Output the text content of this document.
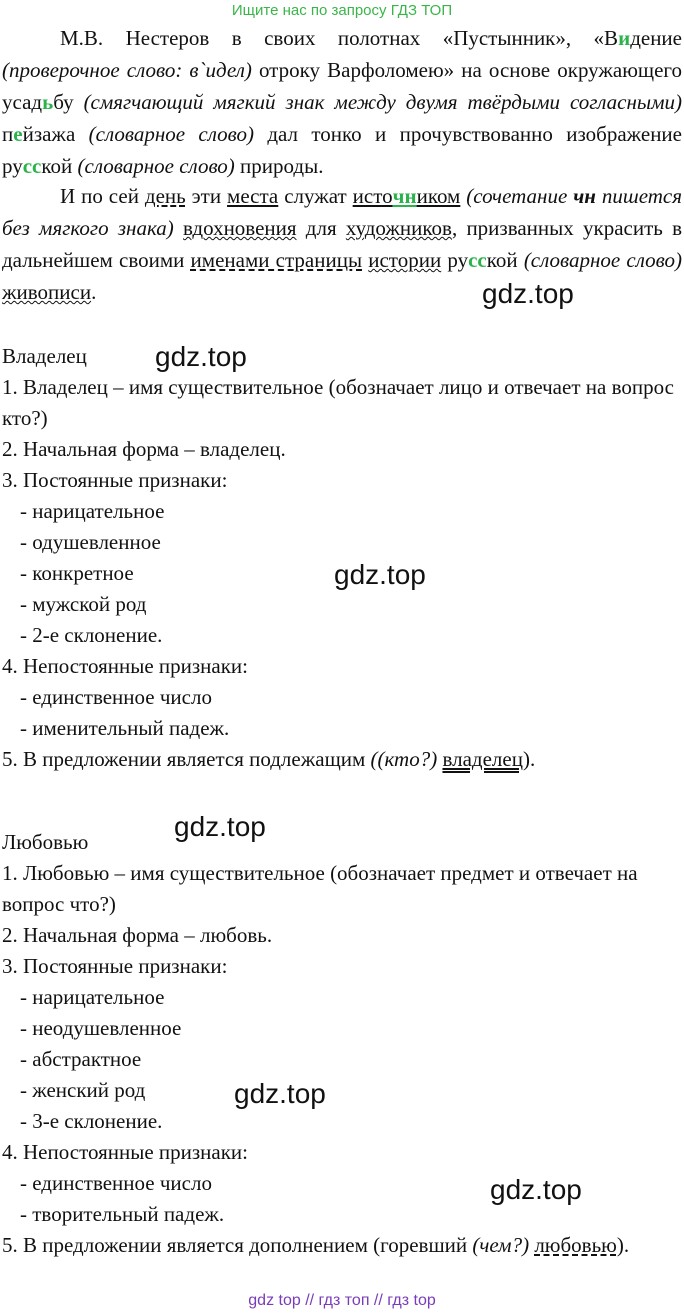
Ищите нас по запросу ГДЗ ТОП

М.В. Нестеров в своих полотнах «Пустынник», «Видение (проверочное слово: в`идел) отроку Варфоломею» на основе окружающего усадьбу (смягчающий мягкий знак между двумя твёрдыми согласными) пейзажа (словарное слово) дал тонко и прочувствованно изображение русской (словарное слово) природы.

И по сей день эти места служат источником (сочетание чн пишется без мягкого знака) вдохновения для художников, призванных украсить в дальнейшем своими именами страницы истории русской (словарное слово) живописи.	gdz.top
gdz.top
gdz.top
gdz.top
gdz.top
gdz.top
Владелец
1. Владелец – имя существительное (обозначает лицо и отвечает на вопрос кто?)
2. Начальная форма – владелец.
3. Постоянные признаки:
- нарицательное
- одушевленное
- конкретное
- мужской род
- 2-е склонение.
4. Непостоянные признаки:
- единственное число
- именительный падеж.
5. В предложении является подлежащим ((кто?) владелец).
Любовью
1. Любовью – имя существительное (обозначает предмет и отвечает на вопрос что?)
2. Начальная форма – любовь.
3. Постоянные признаки:
- нарицательное
- неодушевленное
- абстрактное
- женский род
- 3-е склонение.
4. Непостоянные признаки:
- единственное число
- творительный падеж.
5. В предложении является дополнением (горевший (чем?) любовью).
gdz top // гдз топ // гдз top
